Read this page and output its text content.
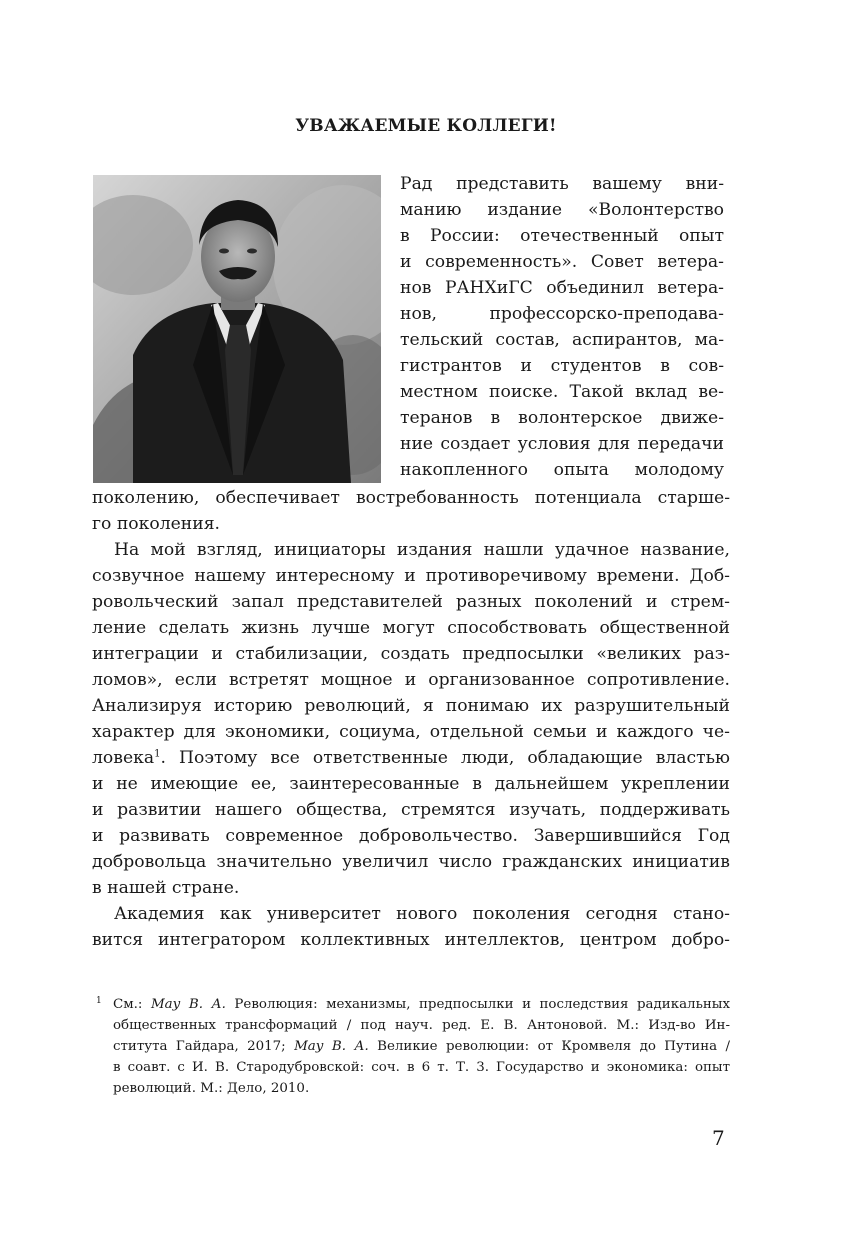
УВАЖАЕМЫЕ КОЛЛЕГИ!
Рад представить вашему вни-
манию издание «Волонтерство
в России: отечественный опыт
и современность». Совет ветера-
нов РАНХиГС объединил ветера-
нов, профессорско-преподава-
тельский состав, аспирантов, ма-
гистрантов и студентов в сов-
местном поиске. Такой вклад ве-
теранов в волонтерское движе-
ние создает условия для передачи
накопленного опыта молодому
поколению, обеспечивает востребованность потенциала старше-
го поколения.
На мой взгляд, инициаторы издания нашли удачное название,
созвучное нашему интересному и противоречивому времени. Доб-
ровольческий запал представителей разных поколений и стрем-
ление сделать жизнь лучше могут способствовать общественной
интеграции и стабилизации, создать предпосылки «великих раз-
ломов», если встретят мощное и организованное сопротивление.
Анализируя историю революций, я понимаю их разрушительный
характер для экономики, социума, отдельной семьи и каждого че-
ловека$^1$. Поэтому все ответственные люди, обладающие властью
и не имеющие ее, заинтересованные в дальнейшем укреплении
и развитии нашего общества, стремятся изучать, поддерживать
и развивать современное добровольчество. Завершившийся Год
добровольца значительно увеличил число гражданских инициатив
в нашей стране.
Академия как университет нового поколения сегодня стано-
вится интегратором коллективных интеллектов, центром добро-
1 См.: Мау В. А. Революция: механизмы, предпосылки и последствия радикальных
общественных трансформаций / под науч. ред. Е. В. Антоновой. М.: Изд-во Ин-
ститута Гайдара, 2017; Мау В. А. Великие революции: от Кромвеля до Путина /
в соавт. с И. В. Стародубровской: соч. в 6 т. Т. 3. Государство и экономика: опыт
революций. М.: Дело, 2010.
7
